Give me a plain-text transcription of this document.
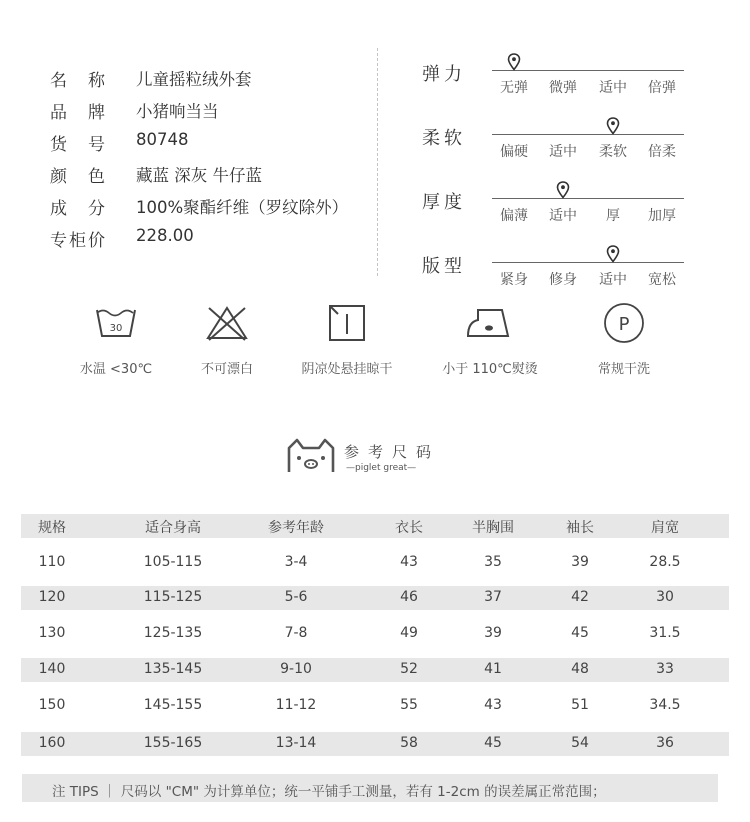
名　称	儿童摇粒绒外套
品　牌	小猪响当当
货　号	80748
颜　色	藏蓝 深灰 牛仔蓝
成　分	100%聚酯纤维（罗纹除外）
专柜价	228.00
弹力
无弹	微弹	适中	倍弹
柔软
偏硬	适中	柔软	倍柔
厚度
偏薄	适中	厚	加厚
版型
紧身	修身	适中	宽松
30
水温 <30℃	不可漂白	阴凉处悬挂晾干	小于 110℃熨烫
P
常规干洗
参考尺码
—piglet great—
规格	适合身高	参考年龄	衣长	半胸围	袖长	肩宽
110	105-115	3-4	43	35	39	28.5
120	115-125	5-6	46	37	42	30
130	125-135	7-8	49	39	45	31.5
140	135-145	9-10	52	41	48	33
150	145-155	11-12	55	43	51	34.5
160	155-165	13-14	58	45	54	36
注 TIPS ｜ 尺码以 "CM" 为计算单位；统一平铺手工测量，若有 1-2cm 的误差属正常范围；
